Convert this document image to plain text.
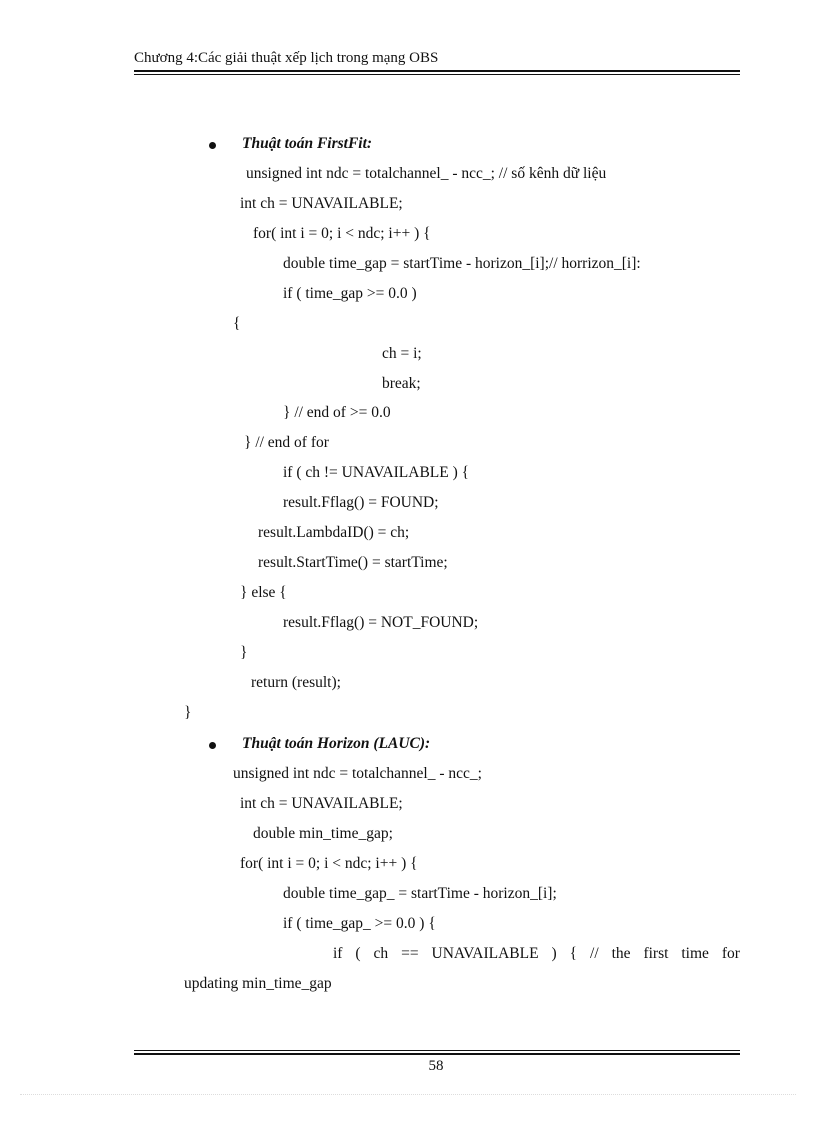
Chương 4:Các giải thuật xếp lịch trong mạng OBS
Thuật toán FirstFit:
unsigned int ndc = totalchannel_ - ncc_; // số kênh dữ liệu
int ch = UNAVAILABLE;
for( int i = 0; i < ndc; i++ ) {
double time_gap = startTime - horizon_[i];// horrizon_[i]:
if ( time_gap >= 0.0 )
{
ch = i;
break;
} // end of >= 0.0
} // end of for
if ( ch != UNAVAILABLE ) {
result.Fflag() = FOUND;
result.LambdaID() = ch;
result.StartTime() = startTime;
} else {
result.Fflag() = NOT_FOUND;
}
return (result);
}
Thuật toán Horizon (LAUC):
unsigned int ndc = totalchannel_ - ncc_;
int ch = UNAVAILABLE;
double min_time_gap;
for( int i = 0; i < ndc; i++ ) {
double time_gap_ = startTime - horizon_[i];
if ( time_gap_ >= 0.0 ) {
if ( ch == UNAVAILABLE ) { // the first time for
updating min_time_gap
58
